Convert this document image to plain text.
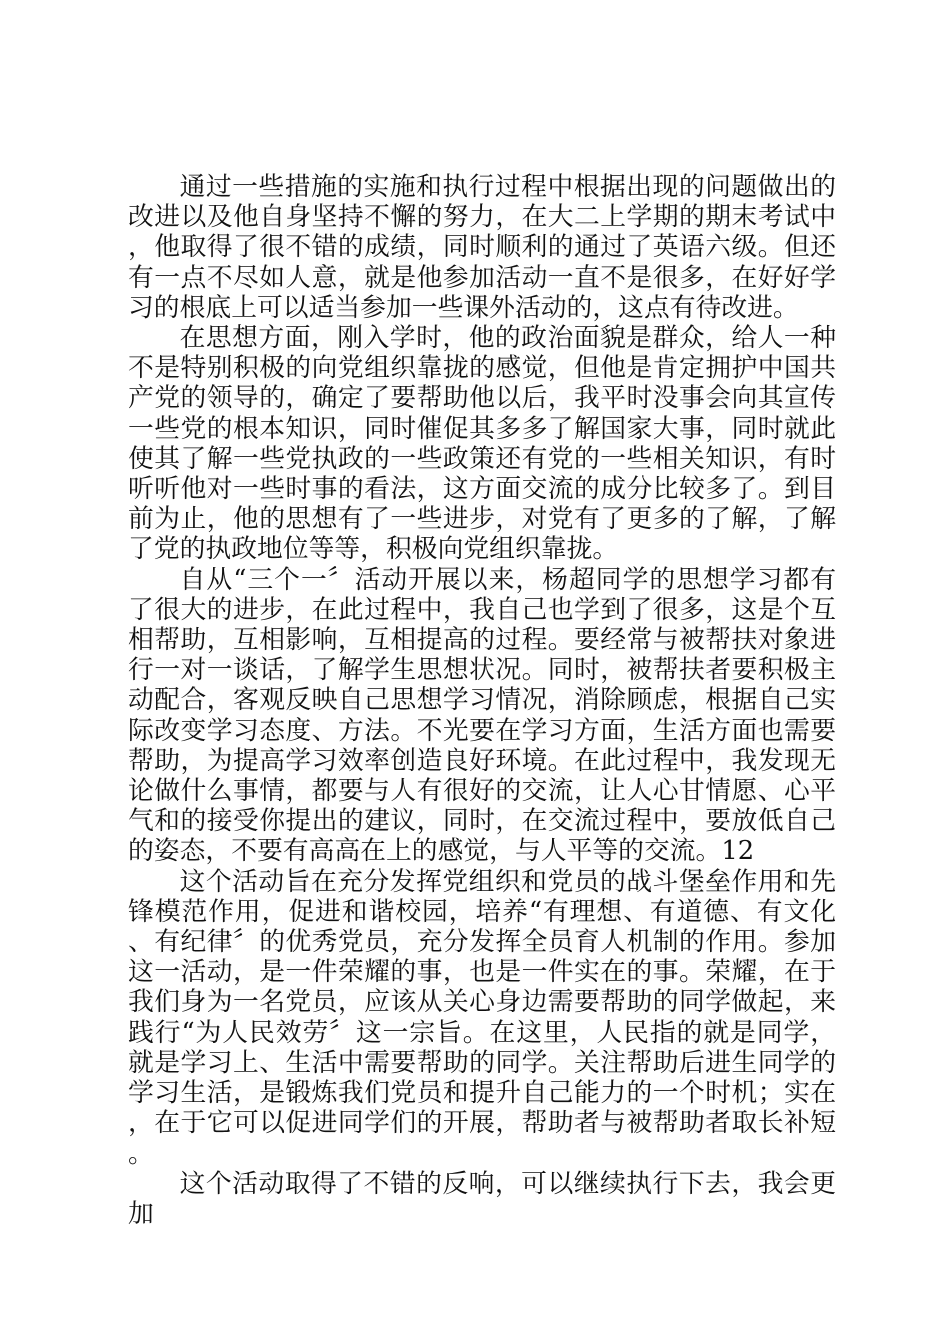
通过一些措施的实施和执行过程中根据出现的问题做出的改进以及他自身坚持不懈的努力，在大二上学期的期末考试中，他取得了很不错的成绩，同时顺利的通过了英语六级。但还有一点不尽如人意，就是他参加活动一直不是很多，在好好学习的根底上可以适当参加一些课外活动的，这点有待改进。

在思想方面，刚入学时，他的政治面貌是群众，给人一种不是特别积极的向党组织靠拢的感觉，但他是肯定拥护中国共产党的领导的，确定了要帮助他以后，我平时没事会向其宣传一些党的根本知识，同时催促其多多了解国家大事，同时就此使其了解一些党执政的一些政策还有党的一些相关知识，有时听听他对一些时事的看法，这方面交流的成分比较多了。到目前为止，他的思想有了一些进步，对党有了更多的了解，了解了党的执政地位等等，积极向党组织靠拢。

自从“三个一〞活动开展以来，杨超同学的思想学习都有了很大的进步，在此过程中，我自己也学到了很多，这是个互相帮助，互相影响，互相提高的过程。要经常与被帮扶对象进行一对一谈话，了解学生思想状况。同时，被帮扶者要积极主动配合，客观反映自己思想学习情况，消除顾虑，根据自己实际改变学习态度、方法。不光要在学习方面，生活方面也需要帮助，为提高学习效率创造良好环境。在此过程中，我发现无论做什么事情，都要与人有很好的交流，让人心甘情愿、心平气和的接受你提出的建议，同时，在交流过程中，要放低自己的姿态，不要有高高在上的感觉，与人平等的交流。12

这个活动旨在充分发挥党组织和党员的战斗堡垒作用和先锋模范作用，促进和谐校园，培养“有理想、有道德、有文化、有纪律〞的优秀党员，充分发挥全员育人机制的作用。参加这一活动，是一件荣耀的事，也是一件实在的事。荣耀，在于我们身为一名党员，应该从关心身边需要帮助的同学做起，来践行“为人民效劳〞这一宗旨。在这里，人民指的就是同学，就是学习上、生活中需要帮助的同学。关注帮助后进生同学的学习生活，是锻炼我们党员和提升自己能力的一个时机；实在，在于它可以促进同学们的开展，帮助者与被帮助者取长补短。

这个活动取得了不错的反响，可以继续执行下去，我会更加
